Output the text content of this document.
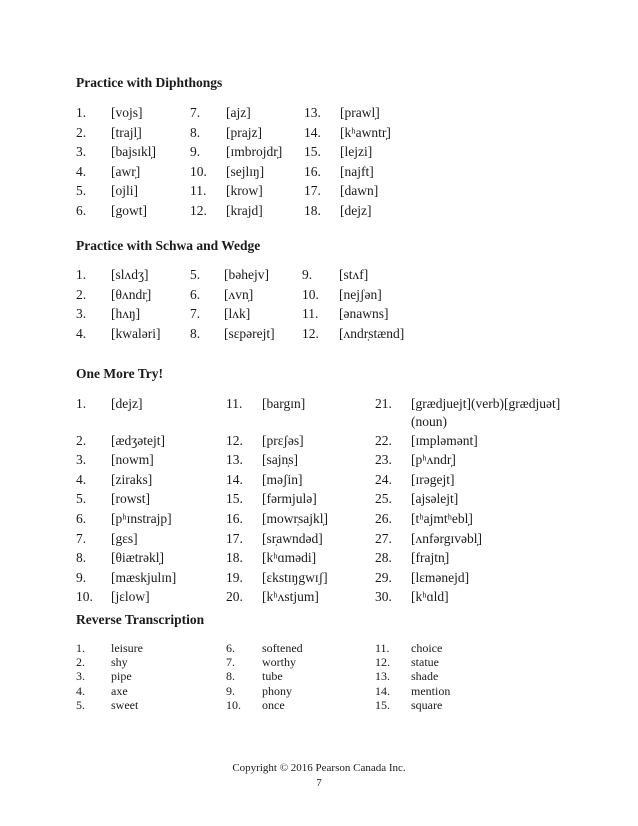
Practice with Diphthongs
1. [vojs]	7. [ajz]	13. [prawl̩]
2. [trajl̩]	8. [prajz]	14. [kʰawntr̩]
3. [bajsɪkl̩]	9. [ɪmbrojdr̩] 15. [lejzi]
4. [awr̩]	10. [sejlɪŋ]	16. [najft]
5. [ojli]	11. [krow]	17. [dawn]
6. [gowt]	12. [krajd]	18. [dejz]
Practice with Schwa and Wedge
1. [slʌdʒ]	5. [bəhejv] 9. [stʌf]
2. [θʌndr̩]	6. [ʌvn̩]	10. [nejʃən]
3. [hʌŋ]	7. [lʌk]	11. [ənawns]
4. [kwaləri] 8. [sɛpərejt] 12. [ʌndr̩stænd]
One More Try!
1. [dejz]	11. [bargɪn]	21. [grædjuejt](verb)[grædjuət]
(noun)
2. [ædʒətejt]	12. [prɛʃəs]	22. [ɪmpləmənt]
3. [nowm]	13. [sajn̩s]	23. [pʰʌndr̩]
4. [ziraks]	14. [məʃin]	24. [ɪrəgejt]
5. [rowst]	15. [fərmjulə]	25. [ajsəlejt]
6. [pʰɪnstrajp]	16. [mowr̩sajkl̩]	26. [tʰajmtʰebl̩]
7. [gɛs]	17. [sr̩awndəd]	27. [ʌnfərgɪvəbl̩]
8. [θiætrəkl̩]	18. [kʰɑmədi]	28. [frajtn̩]
9. [mæskjulɪn]	19. [ɛkstɪŋgwɪʃ]	29. [lɛmənejd]
10. [jɛlow]	20. [kʰʌstjum]	30. [kʰɑld]
Reverse Transcription
1. leisure	6. softened	11. choice
2. shy	7. worthy	12. statue
3. pipe	8. tube	13. shade
4. axe	9. phony	14. mention
5. sweet	10. once	15. square
Copyright © 2016 Pearson Canada Inc.
7
